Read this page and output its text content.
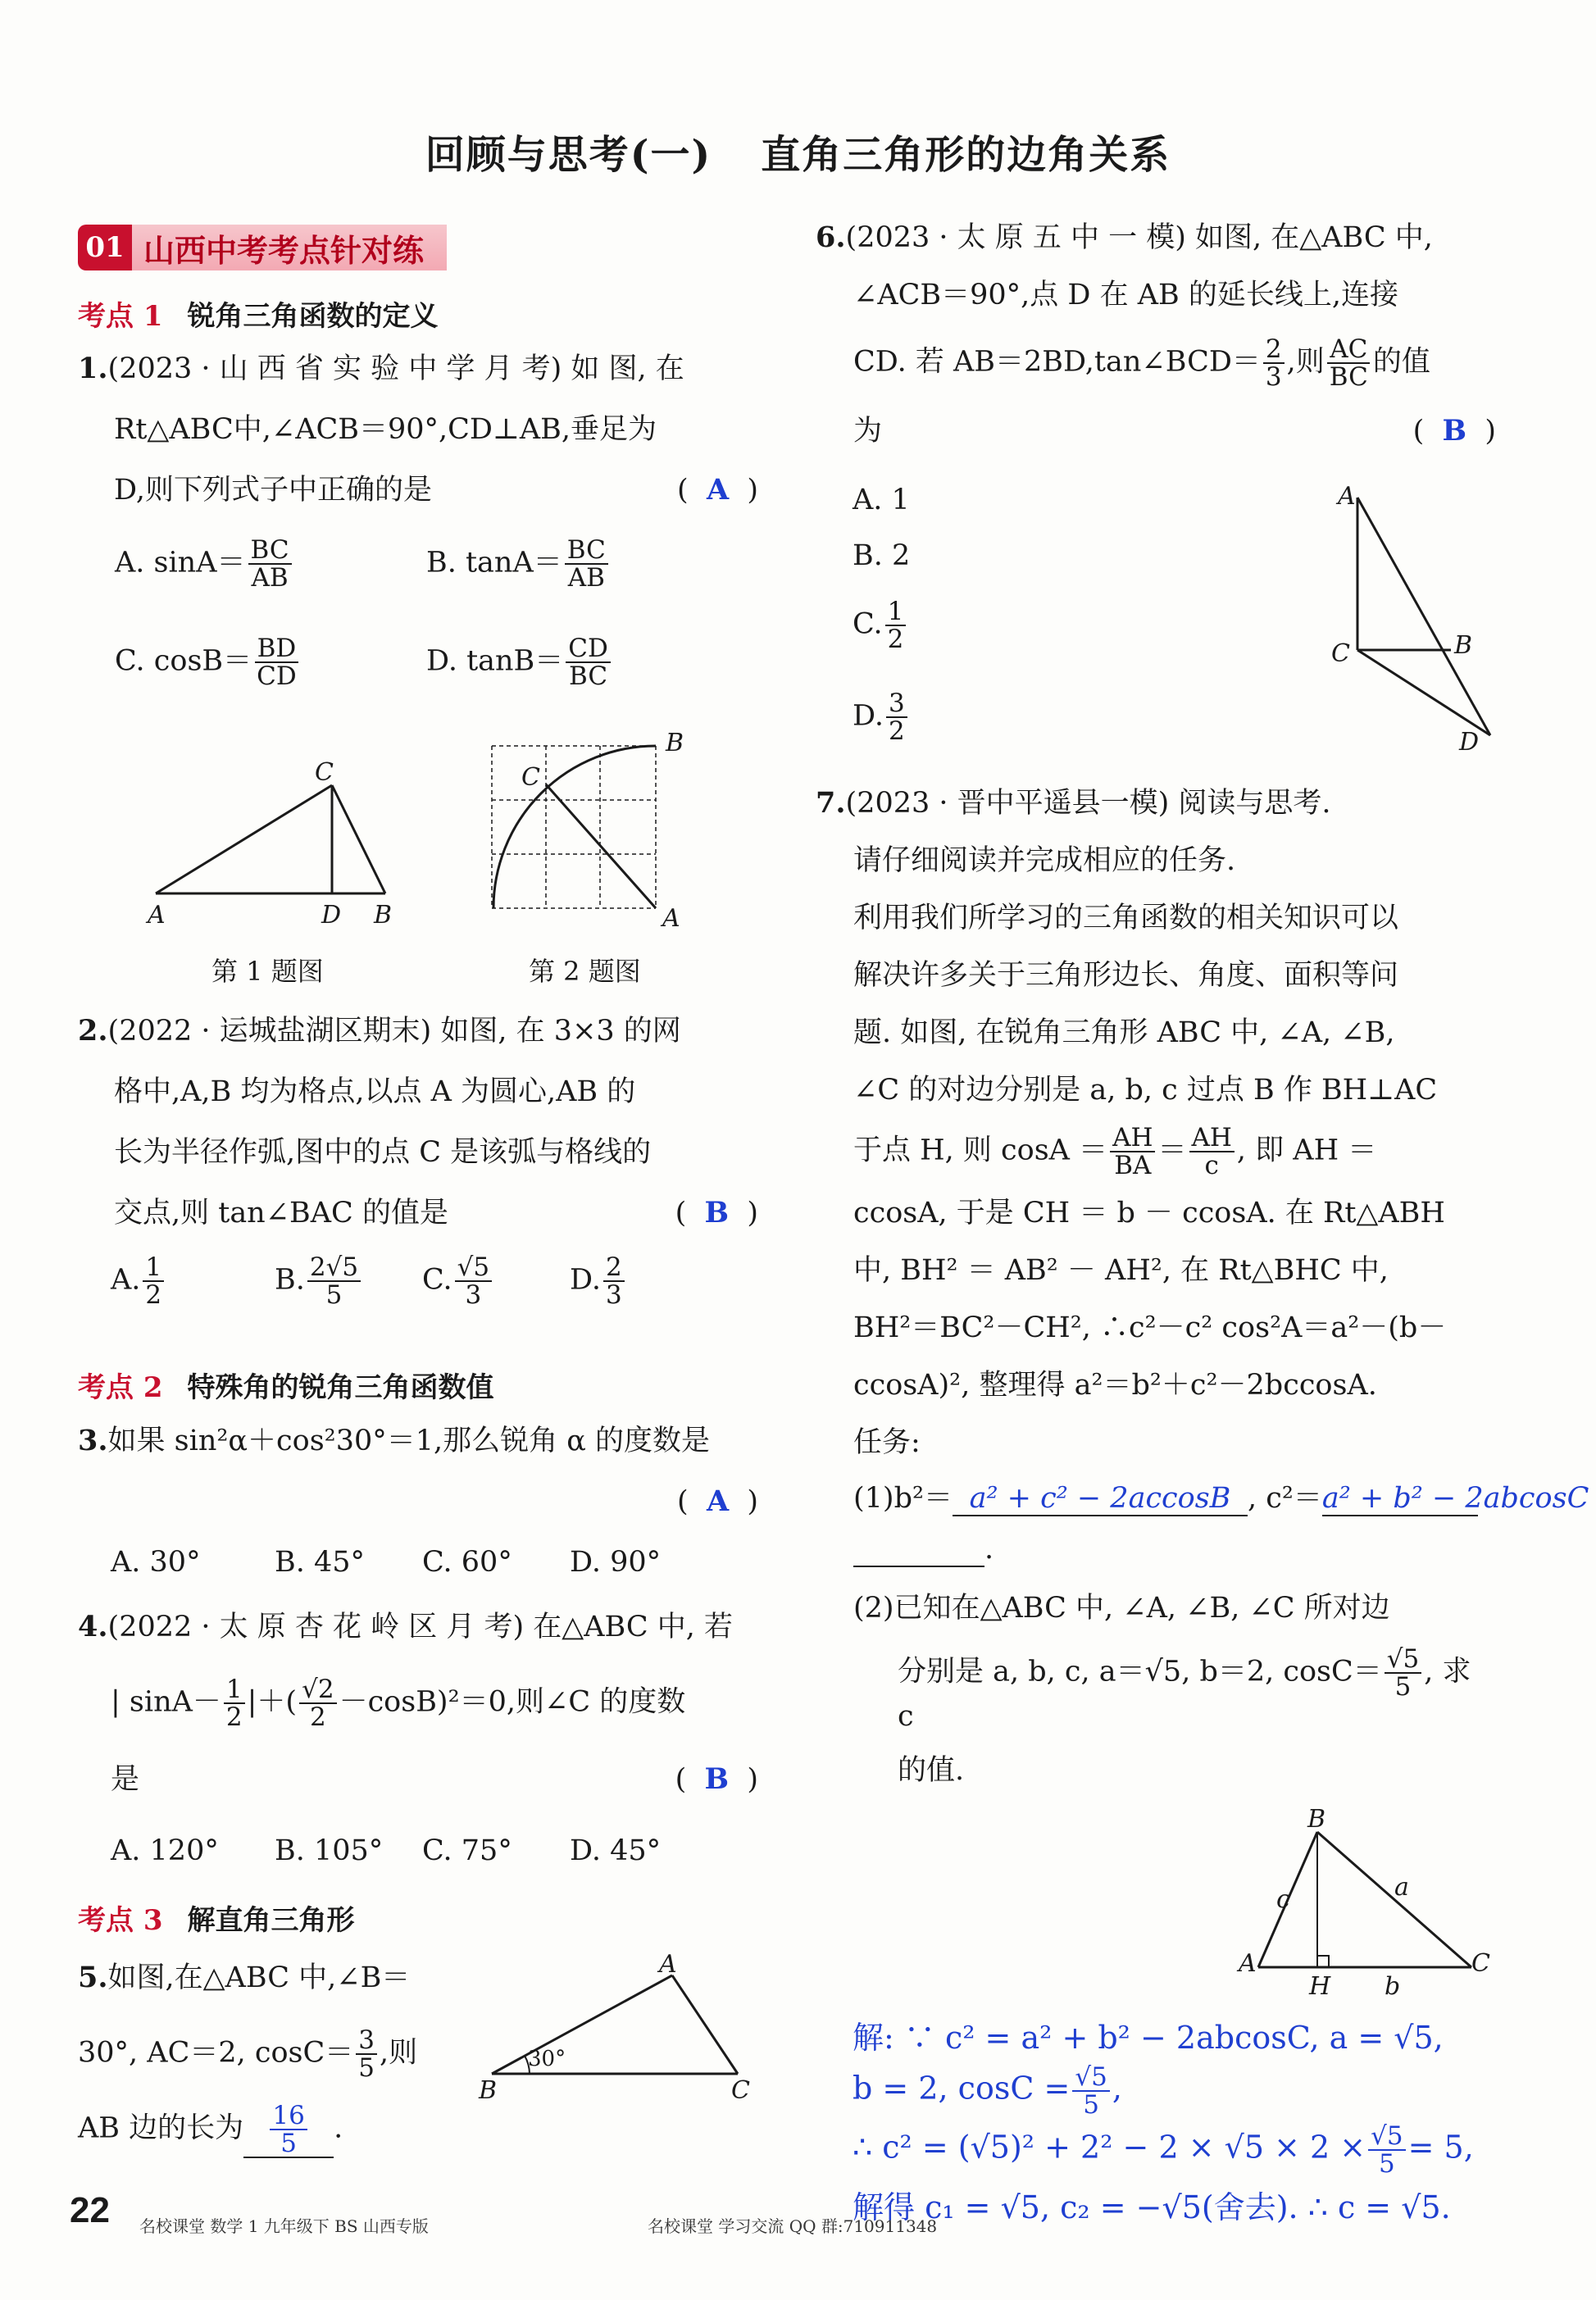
回顾与思考(一) 直角三角形的边角关系
01 山西中考考点针对练
考点 1 锐角三角函数的定义
1.(2023 · 山 西 省 实 验 中 学 月 考) 如 图, 在
Rt△ABC中,∠ACB＝90°,CD⊥AB,垂足为
D,则下列式子中正确的是	(  A  )
A. $\sin A= \frac{BC}{AB}$	B. $\tan A= \frac{BC}{AB}$
C. $\cos B= \frac{BD}{CD}$	D. $\tan B= \frac{CD}{BC}$
A	D B
C
第 1 题图
B
C
A
第 2 题图
2.(2022 · 运城盐湖区期末) 如图, 在 3×3 的网
格中,A,B 均为格点,以点 A 为圆心,AB 的
长为半径作弧,图中的点 C 是该弧与格线的
交点,则 tan∠BAC 的值是	(  B  )
A. $\frac{1}{2}$	B. $\frac{2√5}{5} C$. $\frac{√5}{3}$	D. $\frac{2}{3}$
考点 2 特殊角的锐角三角函数值
3.如果 sin²α＋cos²30°＝1,那么锐角 α 的度数是
(  A  )
A. 30°	B. 45° C. 60° D. 90°
4.(2022 · 太 原 杏 花 岭 区 月 考) 在△ABC 中, 若
| $\sin A- \frac{1}{2}$ |＋( $\frac{√2}{2} -\cos B)^2=0$,则∠C 的度数
是	(  B  )
A. 120° B. 105° C. 75° D. 45°
考点 3 解直角三角形
5.如图,在△ABC 中,∠B＝
30°, AC＝2, $\cos C= \frac{3}{5}$ ,则
AB 边的长为 $\frac{16}{5}$ .
30°
B	C
A
6.(2023 · 太 原 五 中 一 模) 如图, 在△ABC 中,
∠ACB＝90°,点 D 在 AB 的延长线上,连接
CD. 若 AB＝2BD,tan∠BCD＝ $\frac{2}{3}$ ,则 $\frac{AC}{BC}$ 的值
为	(  B  )
A. 1
B. 2
C. $\frac{1}{2}$
D. $\frac{3}{2}$
A
C	B
D
7.(2023 · 晋中平遥县一模) 阅读与思考.
请仔细阅读并完成相应的任务.
利用我们所学习的三角函数的相关知识可以
解决许多关于三角形边长、角度、面积等问
题. 如图, 在锐角三角形 ABC 中, ∠A, ∠B,
∠C 的对边分别是 a, b, c 过点 B 作 BH⊥AC
于点 H, 则 $\cos A = \frac{AH}{BA} = \frac{AH}{c}$ , 即 AH ＝
ccosA, 于是 CH ＝ b － ccosA. 在 Rt△ABH
中, BH² ＝ AB² － AH², 在 Rt△BHC 中,
BH²＝BC²－CH², ∴c²－c² cos²A＝a²－(b－
ccosA)², 整理得 a²＝b²＋c²－2bccosA.
任务:
(1)b²＝ a² + c² − 2accosB , c²＝a² + b² − 2abcosC
.
(2)已知在△ABC 中, ∠A, ∠B, ∠C 所对边
分别是 a, b, c, a＝√5, b＝2, $\cos C= \frac{√5}{5}$ , 求 c
的值.
B
A	C
H b
c	a
解: ∵ c² = a² + b² − 2abcosC, a = √5,
b = 2, $\cos C = \frac{√5}{5}$ ,
∴ $c^2 = (√5)^2 + 2^2 - 2 \times √5 \times 2 \times \frac{√5}{5} = 5$,
解得 c₁ = √5, c₂ = −√5(舍去). ∴ c = √5.
22 名校课堂 数学 1 九年级下 BS 山西专版	名校课堂 学习交流 QQ 群:710911348
